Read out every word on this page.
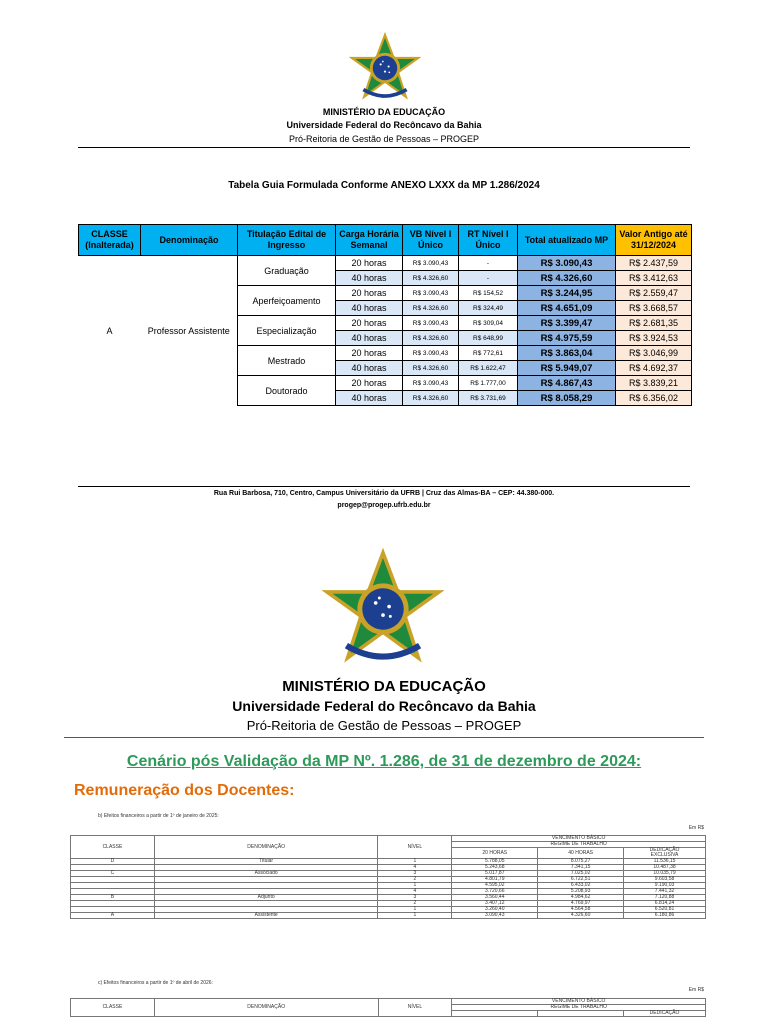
MINISTÉRIO DA EDUCAÇÃO
Universidade Federal do Recôncavo da Bahia
Pró-Reitoria de Gestão de Pessoas – PROGEP
Tabela Guia Formulada Conforme ANEXO LXXX da MP 1.286/2024
CLASSE (Inalterada)	Denominação	Titulação Edital de Ingresso	Carga Horária Semanal	VB Nível I Único	RT Nível I Único	Total atualizado MP	Valor Antigo até 31/12/2024
A	Professor Assistente	Graduação	20 horas	R$ 3.090,43	-	R$ 3.090,43	R$ 2.437,59
			40 horas	R$ 4.326,60	-	R$ 4.326,60	R$ 3.412,63
		Aperfeiçoamento	20 horas	R$ 3.090,43	R$ 154,52	R$ 3.244,95	R$ 2.559,47
			40 horas	R$ 4.326,60	R$ 324,49	R$ 4.651,09	R$ 3.668,57
		Especialização	20 horas	R$ 3.090,43	R$ 309,04	R$ 3.399,47	R$ 2.681,35
			40 horas	R$ 4.326,60	R$ 648,99	R$ 4.975,59	R$ 3.924,53
		Mestrado	20 horas	R$ 3.090,43	R$ 772,61	R$ 3.863,04	R$ 3.046,99
			40 horas	R$ 4.326,60	R$ 1.622,47	R$ 5.949,07	R$ 4.692,37
		Doutorado	20 horas	R$ 3.090,43	R$ 1.777,00	R$ 4.867,43	R$ 3.839,21
			40 horas	R$ 4.326,60	R$ 3.731,69	R$ 8.058,29	R$ 6.356,02
Rua Rui Barbosa, 710, Centro, Campus Universitário da UFRB | Cruz das Almas-BA – CEP: 44.380-000.
progep@progep.ufrb.edu.br
MINISTÉRIO DA EDUCAÇÃO
Universidade Federal do Recôncavo da Bahia
Pró-Reitoria de Gestão de Pessoas – PROGEP
Cenário pós Validação da MP Nº. 1.286, de 31 de dezembro de 2024:
Remuneração dos Docentes:
b) Efeitos financeiros a partir de 1º de janeiro de 2025:
Em R$
CLASSE	DENOMINAÇÃO	NÍVEL	VENCIMENTO BÁSICO		
			REGIME DE TRABALHO		
			20 HORAS	40 HORAS	DEDICAÇÃO
EXCLUSIVA
D	Titular	1	5.788,05	8.075,27	11.536,15
		4	5.243,68	7.341,15	10.487,38
C	Associado	3	5.017,87	7.025,02	10.035,79
		2	4.801,79	6.722,51	9.603,58
		1	4.595,02	6.433,02	9.190,03
		4	3.720,66	5.208,93	7.441,32
B	Adjunto	3	3.560,44	4.984,62	7.120,88
		2	3.407,12	4.769,97	6.814,24
		1	3.260,40	4.564,58	6.520,81
A	Assistente	1	3.090,43	4.326,60	6.180,86
c) Efeitos financeiros a partir de 1º de abril de 2026:
Em R$
CLASSE	DENOMINAÇÃO	NÍVEL	VENCIMENTO BÁSICO		
			REGIME DE TRABALHO		
					DEDICAÇÃO
